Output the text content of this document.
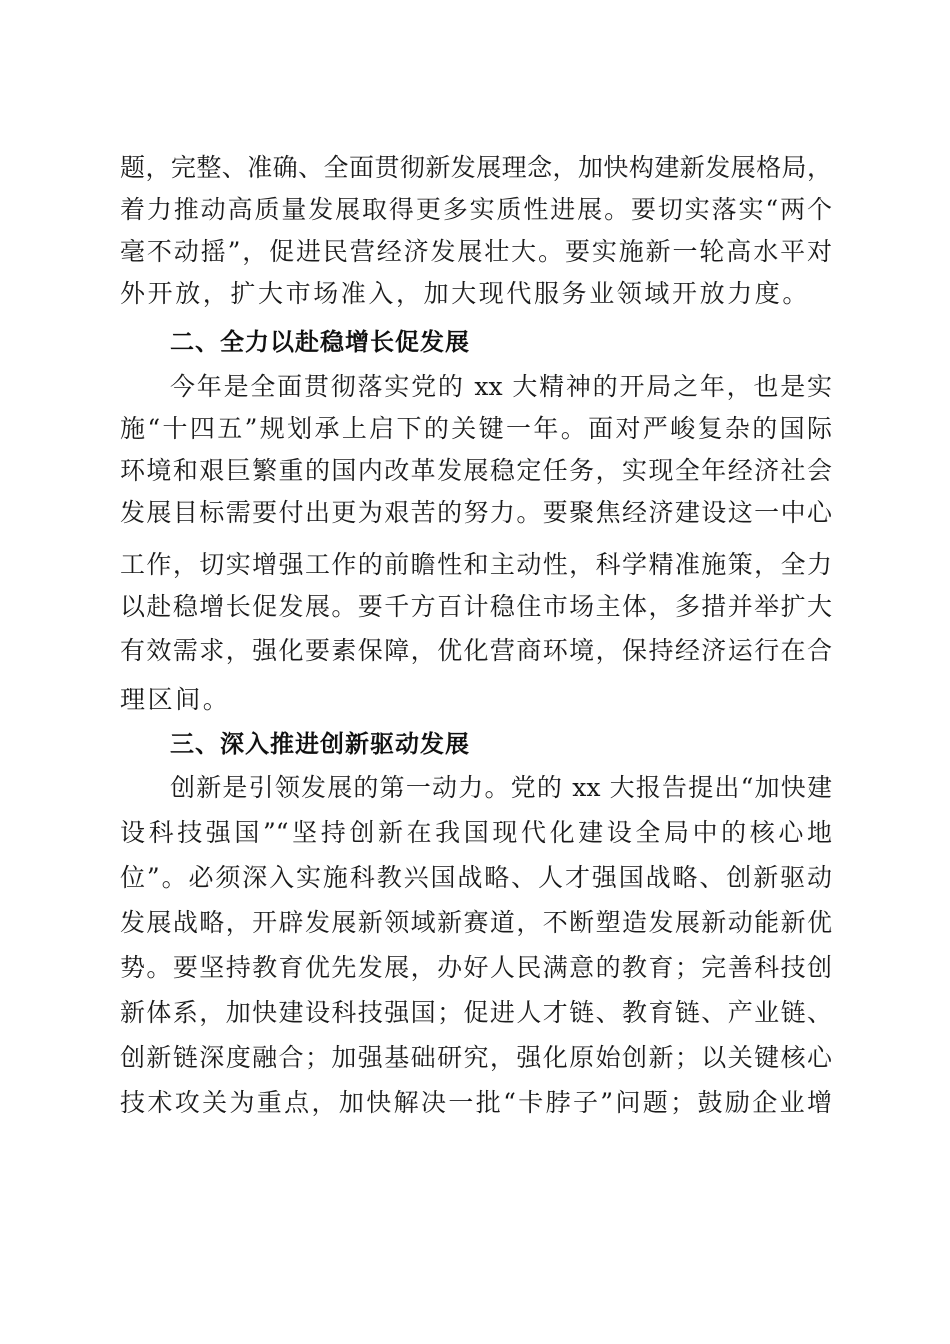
题，完整、准确、全面贯彻新发展理念，加快构建新发展格局，
着力推动高质量发展取得更多实质性进展。要切实落实“两个
毫不动摇”，促进民营经济发展壮大。要实施新一轮高水平对
外开放，扩大市场准入，加大现代服务业领域开放力度。
二、全力以赴稳增长促发展
今年是全面贯彻落实党的 xx 大精神的开局之年，也是实
施“十四五”规划承上启下的关键一年。面对严峻复杂的国际
环境和艰巨繁重的国内改革发展稳定任务，实现全年经济社会
发展目标需要付出更为艰苦的努力。要聚焦经济建设这一中心
工作，切实增强工作的前瞻性和主动性，科学精准施策，全力
以赴稳增长促发展。要千方百计稳住市场主体，多措并举扩大
有效需求，强化要素保障，优化营商环境，保持经济运行在合
理区间。
三、深入推进创新驱动发展
创新是引领发展的第一动力。党的 xx 大报告提出“加快建
设科技强国”“坚持创新在我国现代化建设全局中的核心地
位”。必须深入实施科教兴国战略、人才强国战略、创新驱动
发展战略，开辟发展新领域新赛道，不断塑造发展新动能新优
势。要坚持教育优先发展，办好人民满意的教育；完善科技创
新体系，加快建设科技强国；促进人才链、教育链、产业链、
创新链深度融合；加强基础研究，强化原始创新；以关键核心
技术攻关为重点，加快解决一批“卡脖子”问题；鼓励企业增
